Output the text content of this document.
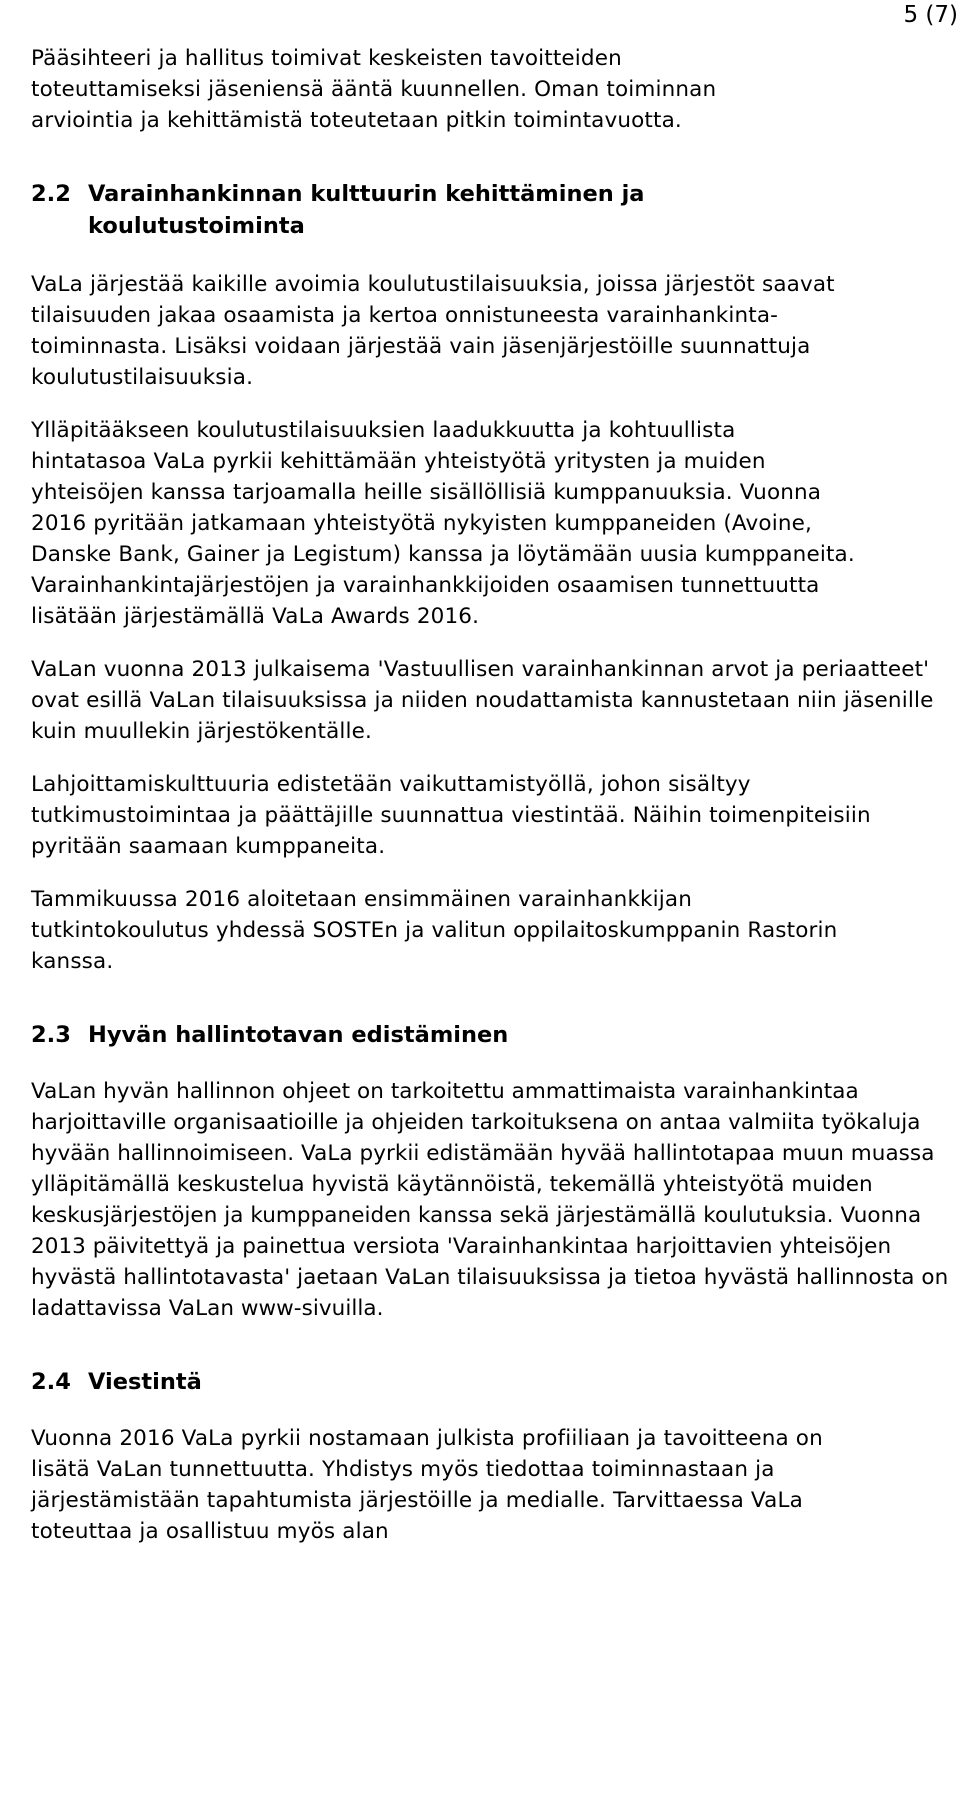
5 (7)

Pääsihteeri ja hallitus toimivat keskeisten tavoitteiden toteuttamiseksi jäseniensä ääntä kuunnellen. Oman toiminnan arviointia ja kehittämistä toteutetaan pitkin toimintavuotta.

2.2 Varainhankinnan kulttuurin kehittäminen ja koulutustoiminta

VaLa järjestää kaikille avoimia koulutustilaisuuksia, joissa järjestöt saavat tilaisuuden jakaa osaamista ja kertoa onnistuneesta varainhankinta-toiminnasta. Lisäksi voidaan järjestää vain jäsenjärjestöille suunnattuja koulutustilaisuuksia.

Ylläpitääkseen koulutustilaisuuksien laadukkuutta ja kohtuullista hintatasoa VaLa pyrkii kehittämään yhteistyötä yritysten ja muiden yhteisöjen kanssa tarjoamalla heille sisällöllisiä kumppanuuksia. Vuonna 2016 pyritään jatkamaan yhteistyötä nykyisten kumppaneiden (Avoine, Danske Bank, Gainer ja Legistum) kanssa ja löytämään uusia kumppaneita. Varainhankintajärjestöjen ja varainhankkijoiden osaamisen tunnettuutta lisätään järjestämällä VaLa Awards 2016.

VaLan vuonna 2013 julkaisema 'Vastuullisen varainhankinnan arvot ja periaatteet' ovat esillä VaLan tilaisuuksissa ja niiden noudattamista kannustetaan niin jäsenille kuin muullekin järjestökentälle.

Lahjoittamiskulttuuria edistetään vaikuttamistyöllä, johon sisältyy tutkimustoimintaa ja päättäjille suunnattua viestintää. Näihin toimenpiteisiin pyritään saamaan kumppaneita.

Tammikuussa 2016 aloitetaan ensimmäinen varainhankkijan tutkintokoulutus yhdessä SOSTEn ja valitun oppilaitoskumppanin Rastorin kanssa.

2.3 Hyvän hallintotavan edistäminen

VaLan hyvän hallinnon ohjeet on tarkoitettu ammattimaista varainhankintaa harjoittaville organisaatioille ja ohjeiden tarkoituksena on antaa valmiita työkaluja hyvään hallinnoimiseen. VaLa pyrkii edistämään hyvää hallintotapaa muun muassa ylläpitämällä keskustelua hyvistä käytännöistä, tekemällä yhteistyötä muiden keskusjärjestöjen ja kumppaneiden kanssa sekä järjestämällä koulutuksia. Vuonna 2013 päivitettyä ja painettua versiota 'Varainhankintaa harjoittavien yhteisöjen hyvästä hallintotavasta' jaetaan VaLan tilaisuuksissa ja tietoa hyvästä hallinnosta on ladattavissa VaLan www-sivuilla.

2.4 Viestintä

Vuonna 2016 VaLa pyrkii nostamaan julkista profiiliaan ja tavoitteena on lisätä VaLan tunnettuutta. Yhdistys myös tiedottaa toiminnastaan ja järjestämistään tapahtumista järjestöille ja medialle. Tarvittaessa VaLa toteuttaa ja osallistuu myös alan
